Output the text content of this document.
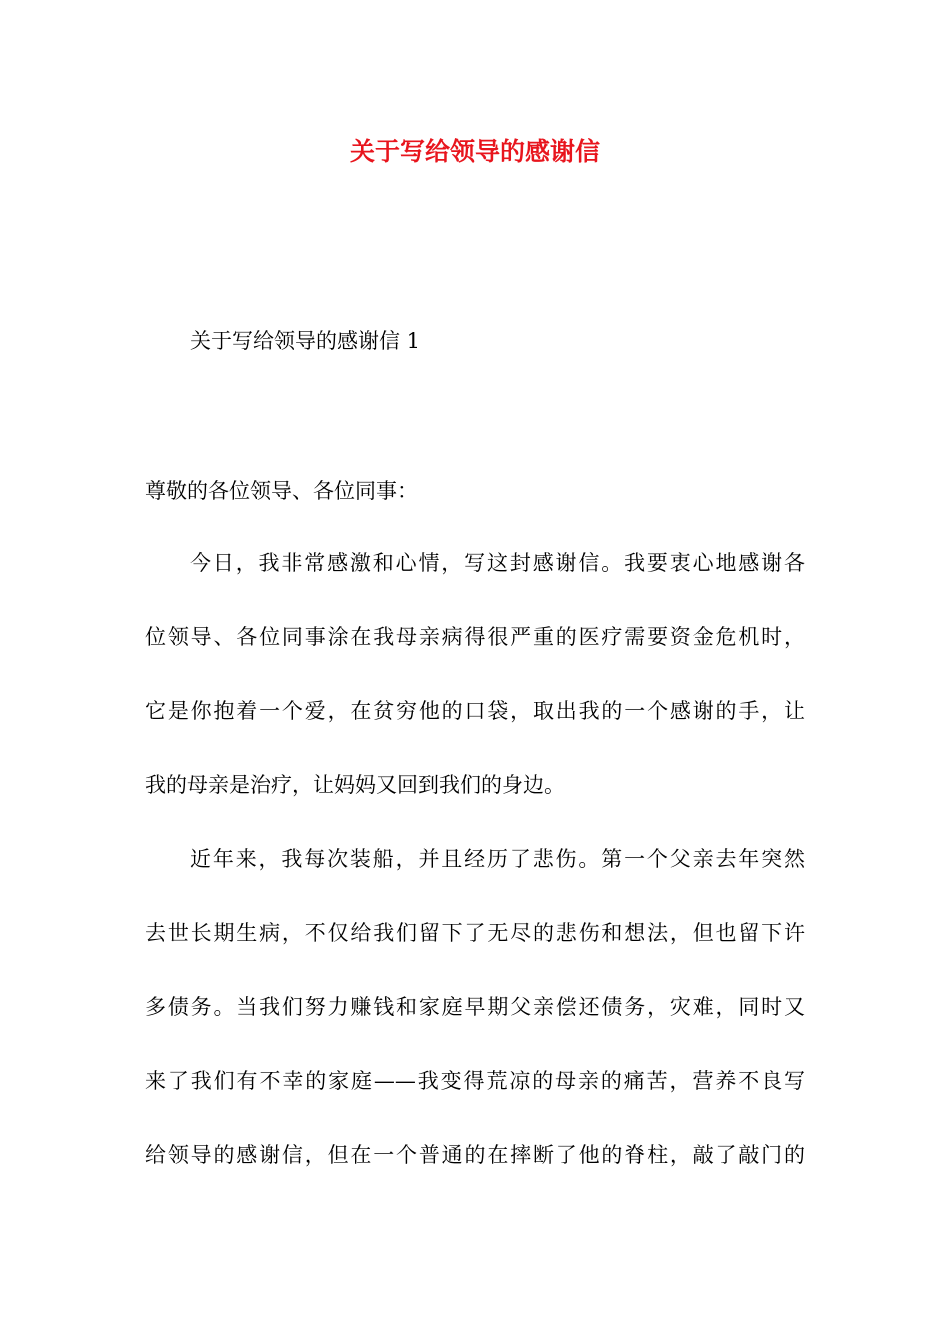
关于写给领导的感谢信
关于写给领导的感谢信 1
尊敬的各位领导、各位同事：
今日，我非常感激和心情，写这封感谢信。我要衷心地感谢各
位领导、各位同事涂在我母亲病得很严重的医疗需要资金危机时，
它是你抱着一个爱，在贫穷他的口袋，取出我的一个感谢的手，让
我的母亲是治疗，让妈妈又回到我们的身边。
近年来，我每次装船，并且经历了悲伤。第一个父亲去年突然
去世长期生病，不仅给我们留下了无尽的悲伤和想法，但也留下许
多债务。当我们努力赚钱和家庭早期父亲偿还债务，灾难，同时又
来了我们有不幸的家庭——我变得荒凉的母亲的痛苦，营养不良写
给领导的感谢信，但在一个普通的在摔断了他的脊柱，敲了敲门的
